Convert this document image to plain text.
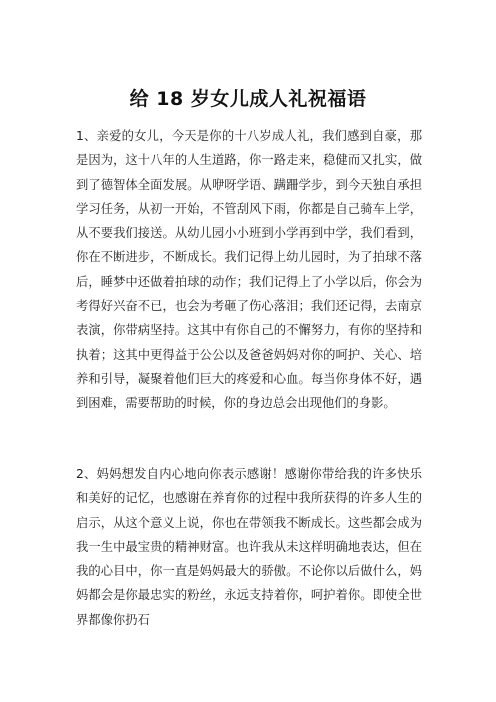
给 18 岁女儿成人礼祝福语

1、亲爱的女儿，今天是你的十八岁成人礼，我们感到自豪，那是因为，这十八年的人生道路，你一路走来，稳健而又扎实，做到了德智体全面发展。从咿呀学语、蹒跚学步，到今天独自承担学习任务，从初一开始，不管刮风下雨，你都是自己骑车上学，从不要我们接送。从幼儿园小小班到小学再到中学，我们看到，你在不断进步，不断成长。我们记得上幼儿园时，为了拍球不落后，睡梦中还做着拍球的动作；我们记得上了小学以后，你会为考得好兴奋不已，也会为考砸了伤心落泪；我们还记得，去南京表演，你带病坚持。这其中有你自己的不懈努力，有你的坚持和执着；这其中更得益于公公以及爸爸妈妈对你的呵护、关心、培养和引导，凝聚着他们巨大的疼爱和心血。每当你身体不好，遇到困难，需要帮助的时候，你的身边总会出现他们的身影。

2、妈妈想发自内心地向你表示感谢！感谢你带给我的许多快乐和美好的记忆，也感谢在养育你的过程中我所获得的许多人生的启示，从这个意义上说，你也在带领我不断成长。这些都会成为我一生中最宝贵的精神财富。也许我从未这样明确地表达，但在我的心目中，你一直是妈妈最大的骄傲。不论你以后做什么，妈妈都会是你最忠实的粉丝，永远支持着你，呵护着你。即使全世界都像你扔石
